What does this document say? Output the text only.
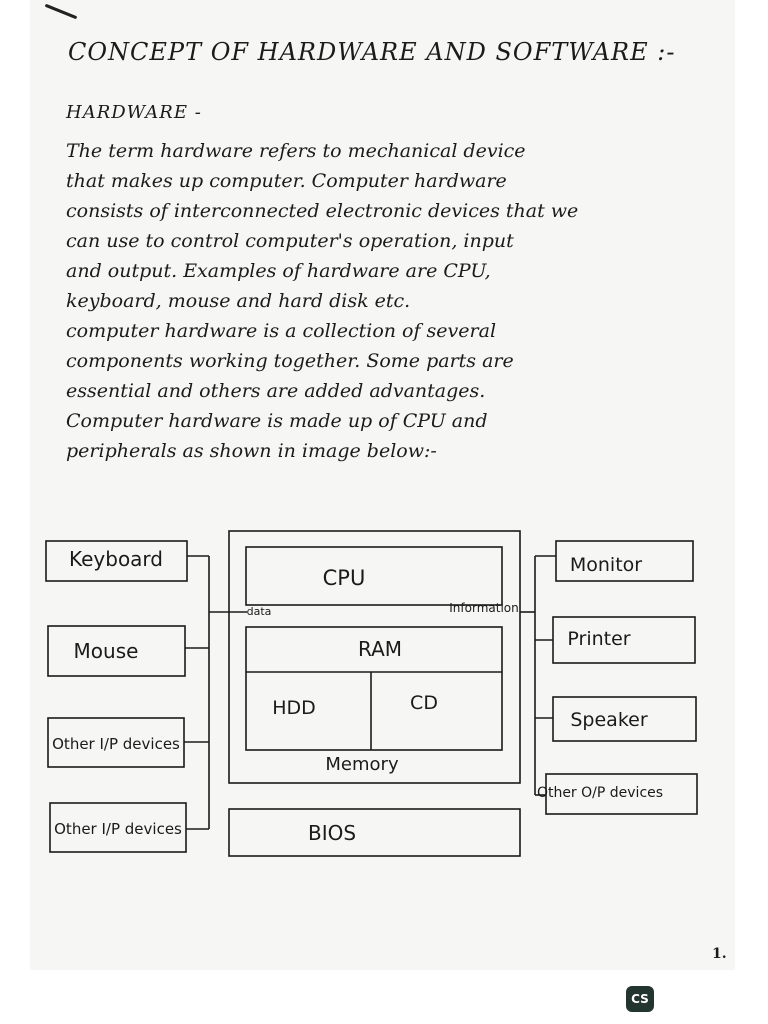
CONCEPT OF HARDWARE AND SOFTWARE :-
HARDWARE -
The term hardware refers to mechanical device
that makes up computer. Computer hardware
consists of interconnected electronic devices that we
can use to control computer's operation, input
and output. Examples of hardware are CPU,
keyboard, mouse and hard disk etc.
computer hardware is a collection of several
components working together. Some parts are
essential and others are added advantages.
Computer hardware is made up of CPU and
peripherals as shown in image below:-
Keyboard
Mouse
Other I/P devices
Other I/P devices
CPU
data	Information
RAM
HDD	CD
Memory
BIOS
Monitor
Printer
Speaker
Other O/P devices
1.
CS
